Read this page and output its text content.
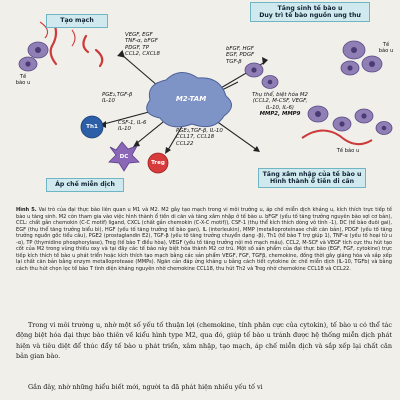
Tạo mạch
Tăng sinh tế bào u
Duy trì tế bào nguồn ung thư
Áp chế miễn dịch
Tăng xâm nhập của tế bào u
Hình thành ổ tiền di căn
VEGF, EGF
TNF-α, bFGF
PDGF, TP
CCL2, CXCL8
bFGF, HGF
EGF, PDGF
TGF-β
Thụ thể, biệt hóa M2
(CCL2, M-CSF, VEGF,
IL-10, IL-6)
MMP2, MMP9
PGE₂,TGF-β
IL-10
CSF-1, IL-6
IL-10	PGE₂,TGF-β, IL-10
CCL17, CCL18
CCL22
M2-TAM
Th1
DC
Treg
Tế
bào u
Tế
bào u
Tế bào u
Hình 5. Vai trò của đại thực bào liên quan u M1 và M2. M2 gây tạo mạch trong vi môi trường u, áp chế miễn dịch kháng u, kích thích trực tiếp tế bào u tăng sinh. M2 còn tham gia vào việc hình thành ổ tiền di căn và tăng xâm nhập ở tế bào u. bFGF (yếu tố tăng trưởng nguyên bào sợi cơ bản), CCL: chất gắn chemokin (C-C motif) ligand, CXCL (chất gắn chemokin (C-X-C motif)), CSF-1 (thụ thể kích thích dòng vô tính -1), DC (tế bào đuôi gai), EGF (thụ thể tăng trưởng biểu bì), HGF (yếu tố tăng trưởng tế bào gan), IL (interleukin), MMP (metalloproteinase chất căn bản), PDGF (yếu tố tăng trưởng nguồn gốc tiểu cầu), PGE2 (prostaglandin E2), TGF-β (yếu tố tăng trưởng chuyển dạng -β), Th1 (tế bào T trợ giúp 1), TNF-α (yếu tố hoại tử u -α), TP (thymidine phosphorylase), Treg (tế bào T điều hòa), VEGF (yếu tố tăng trưởng nội mô mạch máu). CCL2, M-SCF và VEGF tích cực thu hút tạo cốt của M2 trong vùng thiếu oxy và tại đây các tế bào này biệt hóa thành M2 cơ trú. Một số sản phẩm của đại thực bào (EGF, FGF, cytokine) trực tiếp kích thích tế bào u phát triển hoặc kích thích tạo mạch bằng các sản phẩm VEGF, FGF, TGFβ, chemokine, đồng thời gây giáng hóa và sắp xếp lại chất căn bản bằng enzym metalloprotease (MMPs). Ngăn cản đáp ứng kháng u bằng cách tiết cytokine ức chế miễn dịch (IL-10, TGFb) và bằng cách thu hút chọn lọc tế bào T tình diện kháng nguyên nhờ chemokine CCL18, thu hút Th2 và Treg nhờ chemokine CCL18 và CCL22.

Trong vi môi trường u, nhờ một số yếu tố thuận lợi (chemokine, tính phân cực của cytokin), tế bào u có thể tác động biệt hóa đại thực bào thiên về kiểu hình type M2, qua đó, giúp tế bào u tránh được hệ thống miễn dịch phát hiện và tiêu diệt để thúc đẩy tế bào u phát triển, xâm nhập, tạo mạch, áp chế miễn dịch và sắp xếp lại chất căn bản gian bào.

Gần đây, nhờ những hiểu biết mới, người ta đã phát hiện nhiều yếu tố vi
